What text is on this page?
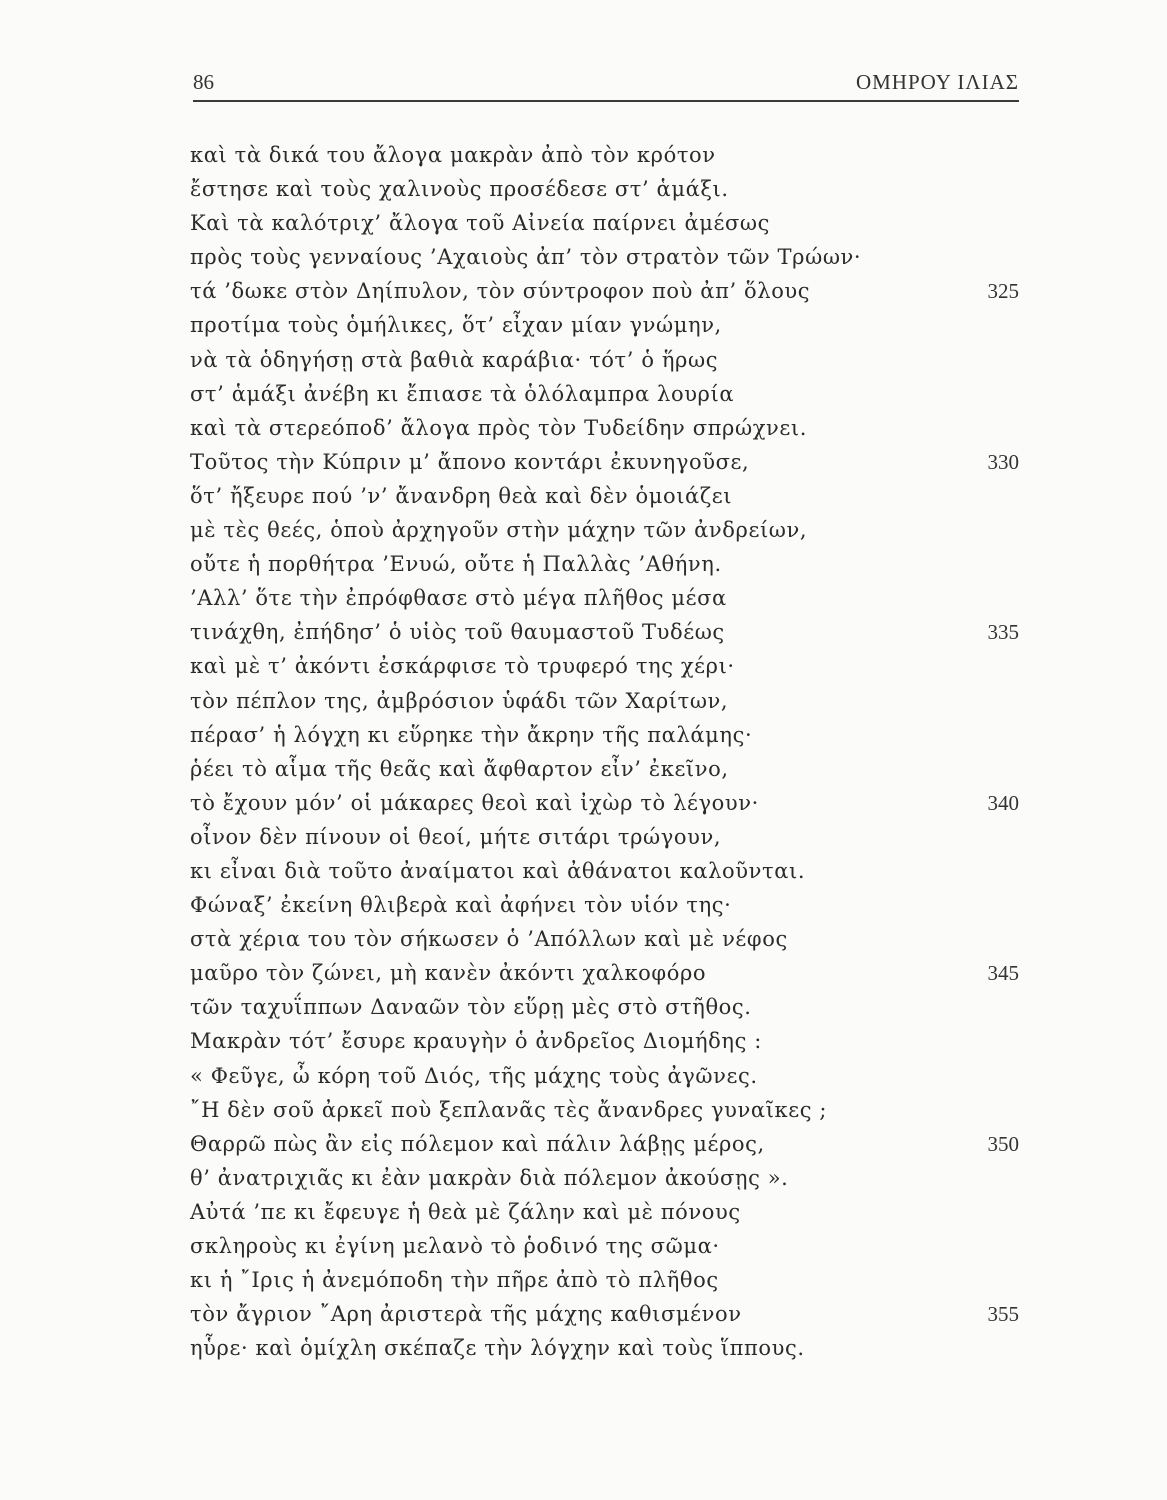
86	ΟΜΗΡΟΥ ΙΛΙΑΣ
καὶ τὰ δικά του ἄλογα μακρὰν ἀπὸ τὸν κρότον
ἔστησε καὶ τοὺς χαλινοὺς προσέδεσε στ’ ἁμάξι.
Καὶ τὰ καλότριχ’ ἄλογα τοῦ Αἰνεία παίρνει ἀμέσως
πρὸς τοὺς γενναίους ’Αχαιοὺς ἀπ’ τὸν στρατὸν τῶν Τρώων·
τά ’δωκε στὸν Δηίπυλον, τὸν σύντροφον ποὺ ἀπ’ ὅλους	325
προτίμα τοὺς ὁμήλικες, ὅτ’ εἶχαν μίαν γνώμην,
νὰ τὰ ὁδηγήσῃ στὰ βαθιὰ καράβια· τότ’ ὁ ἥρως
στ’ ἁμάξι ἀνέβη κι ἔπιασε τὰ ὁλόλαμπρα λουρία
καὶ τὰ στερεόποδ’ ἄλογα πρὸς τὸν Τυδείδην σπρώχνει.
Τοῦτος τὴν Κύπριν μ’ ἄπονο κοντάρι ἐκυνηγοῦσε,	330
ὅτ’ ἤξευρε πού ’ν’ ἄνανδρη θεὰ καὶ δὲν ὁμοιάζει
μὲ τὲς θεές, ὁποὺ ἀρχηγοῦν στὴν μάχην τῶν ἀνδρείων,
οὔτε ἡ πορθήτρα ’Ενυώ, οὔτε ἡ Παλλὰς ’Αθήνη.
’Αλλ’ ὅτε τὴν ἐπρόφθασε στὸ μέγα πλῆθος μέσα
τινάχθη, ἐπήδησ’ ὁ υἱὸς τοῦ θαυμαστοῦ Τυδέως	335
καὶ μὲ τ’ ἀκόντι ἐσκάρφισε τὸ τρυφερό της χέρι·
τὸν πέπλον της, ἀμβρόσιον ὑφάδι τῶν Χαρίτων,
πέρασ’ ἡ λόγχη κι εὕρηκε τὴν ἄκρην τῆς παλάμης·
ῥέει τὸ αἷμα τῆς θεᾶς καὶ ἄφθαρτον εἶν’ ἐκεῖνο,
τὸ ἔχουν μόν’ οἱ μάκαρες θεοὶ καὶ ἰχὼρ τὸ λέγουν·	340
οἶνον δὲν πίνουν οἱ θεοί, μήτε σιτάρι τρώγουν,
κι εἶναι διὰ τοῦτο ἀναίματοι καὶ ἀθάνατοι καλοῦνται.
Φώναξ’ ἐκείνη θλιβερὰ καὶ ἀφήνει τὸν υἱόν της·
στὰ χέρια του τὸν σήκωσεν ὁ ’Απόλλων καὶ μὲ νέφος
μαῦρο τὸν ζώνει, μὴ κανὲν ἀκόντι χαλκοφόρο	345
τῶν ταχυΐππων Δαναῶν τὸν εὕρῃ μὲς στὸ στῆθος.
Μακρὰν τότ’ ἔσυρε κραυγὴν ὁ ἀνδρεῖος Διομήδης :
« Φεῦγε, ὦ κόρη τοῦ Διός, τῆς μάχης τοὺς ἀγῶνες.
῎Η δὲν σοῦ ἀρκεῖ ποὺ ξεπλανᾶς τὲς ἄνανδρες γυναῖκες ;
Θαρρῶ πὼς ἂν εἰς πόλεμον καὶ πάλιν λάβῃς μέρος,	350
θ’ ἀνατριχιᾶς κι ἐὰν μακρὰν διὰ πόλεμον ἀκούσῃς ».
Αὐτά ’πε κι ἔφευγε ἡ θεὰ μὲ ζάλην καὶ μὲ πόνους
σκληροὺς κι ἐγίνη μελανὸ τὸ ῥοδινό της σῶμα·
κι ἡ ῎Ιρις ἡ ἀνεμόποδη τὴν πῆρε ἀπὸ τὸ πλῆθος
τὸν ἄγριον ῎Αρη ἀριστερὰ τῆς μάχης καθισμένον	355
ηὗρε· καὶ ὁμίχλη σκέπαζε τὴν λόγχην καὶ τοὺς ἵππους.
